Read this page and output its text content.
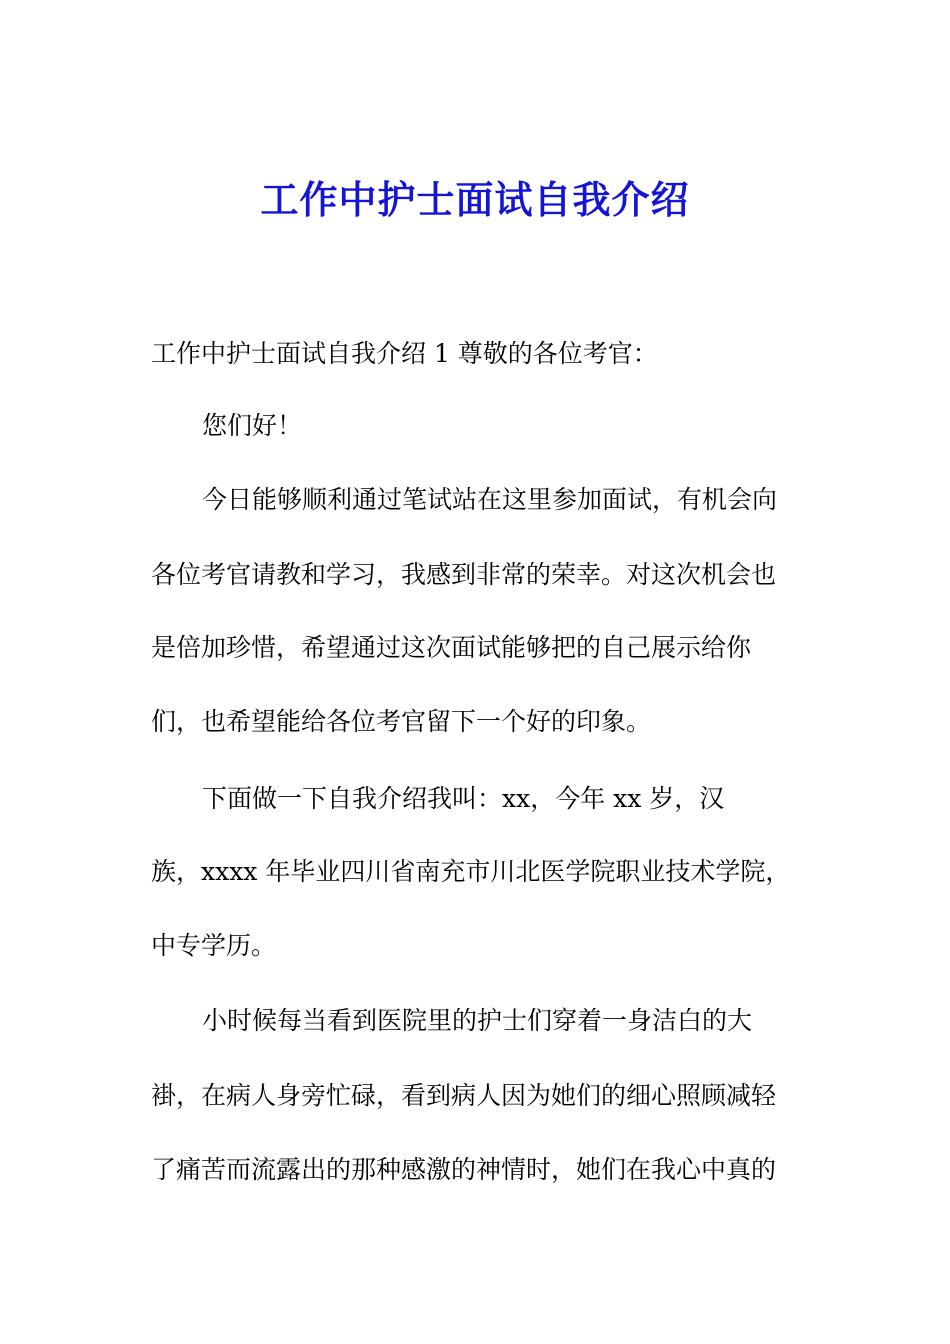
工作中护士面试自我介绍

工作中护士面试自我介绍 1 尊敬的各位考官：

您们好！

今日能够顺利通过笔试站在这里参加面试，有机会向

各位考官请教和学习，我感到非常的荣幸。对这次机会也

是倍加珍惜，希望通过这次面试能够把的自己展示给你

们，也希望能给各位考官留下一个好的印象。

下面做一下自我介绍我叫：xx，今年 xx 岁，汉

族，xxxx 年毕业四川省南充市川北医学院职业技术学院，

中专学历。

小时候每当看到医院里的护士们穿着一身洁白的大

褂，在病人身旁忙碌，看到病人因为她们的细心照顾减轻

了痛苦而流露出的那种感激的神情时，她们在我心中真的
